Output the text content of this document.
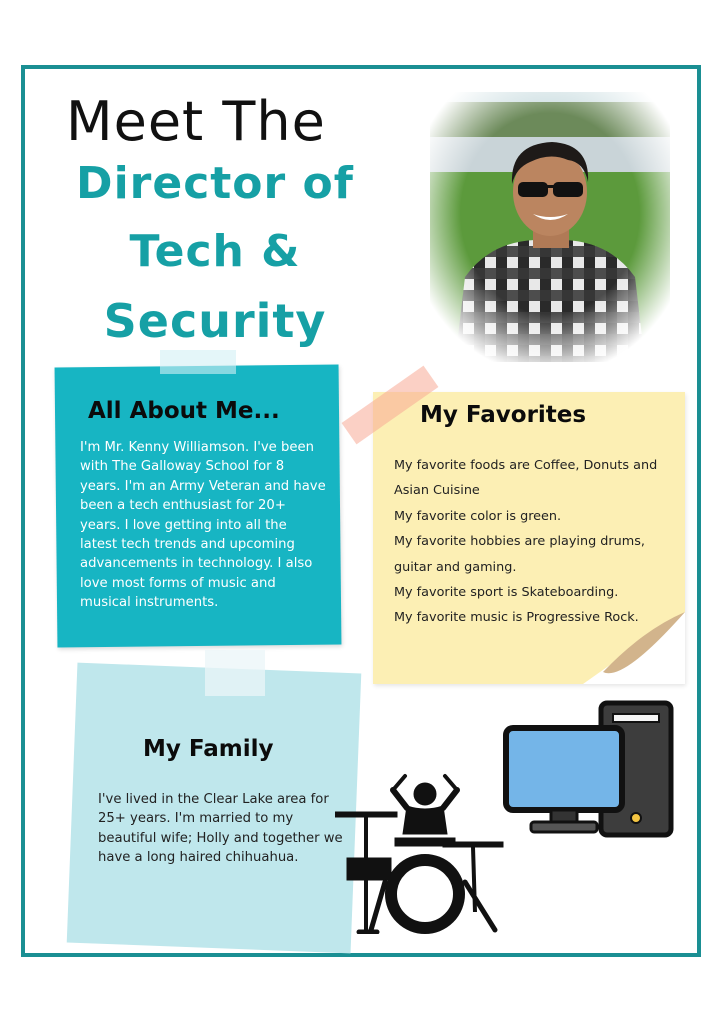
Meet The
Director of
Tech &
Security
All About Me...
I'm Mr. Kenny Williamson. I've been with The Galloway School for 8 years. I'm an Army Veteran and have been a tech enthusiast for 20+ years. I love getting into all the latest tech trends and upcoming advancements in technology. I also love most forms of music and musical instruments.
My Favorites
My favorite foods are Coffee, Donuts and Asian Cuisine
My favorite color is green.
My favorite hobbies are playing drums, guitar and gaming.
My favorite sport is Skateboarding.
My favorite music is Progressive Rock.
My Family
I've lived in the Clear Lake area for 25+ years. I'm married to my beautiful wife; Holly and together we have a long haired chihuahua.
